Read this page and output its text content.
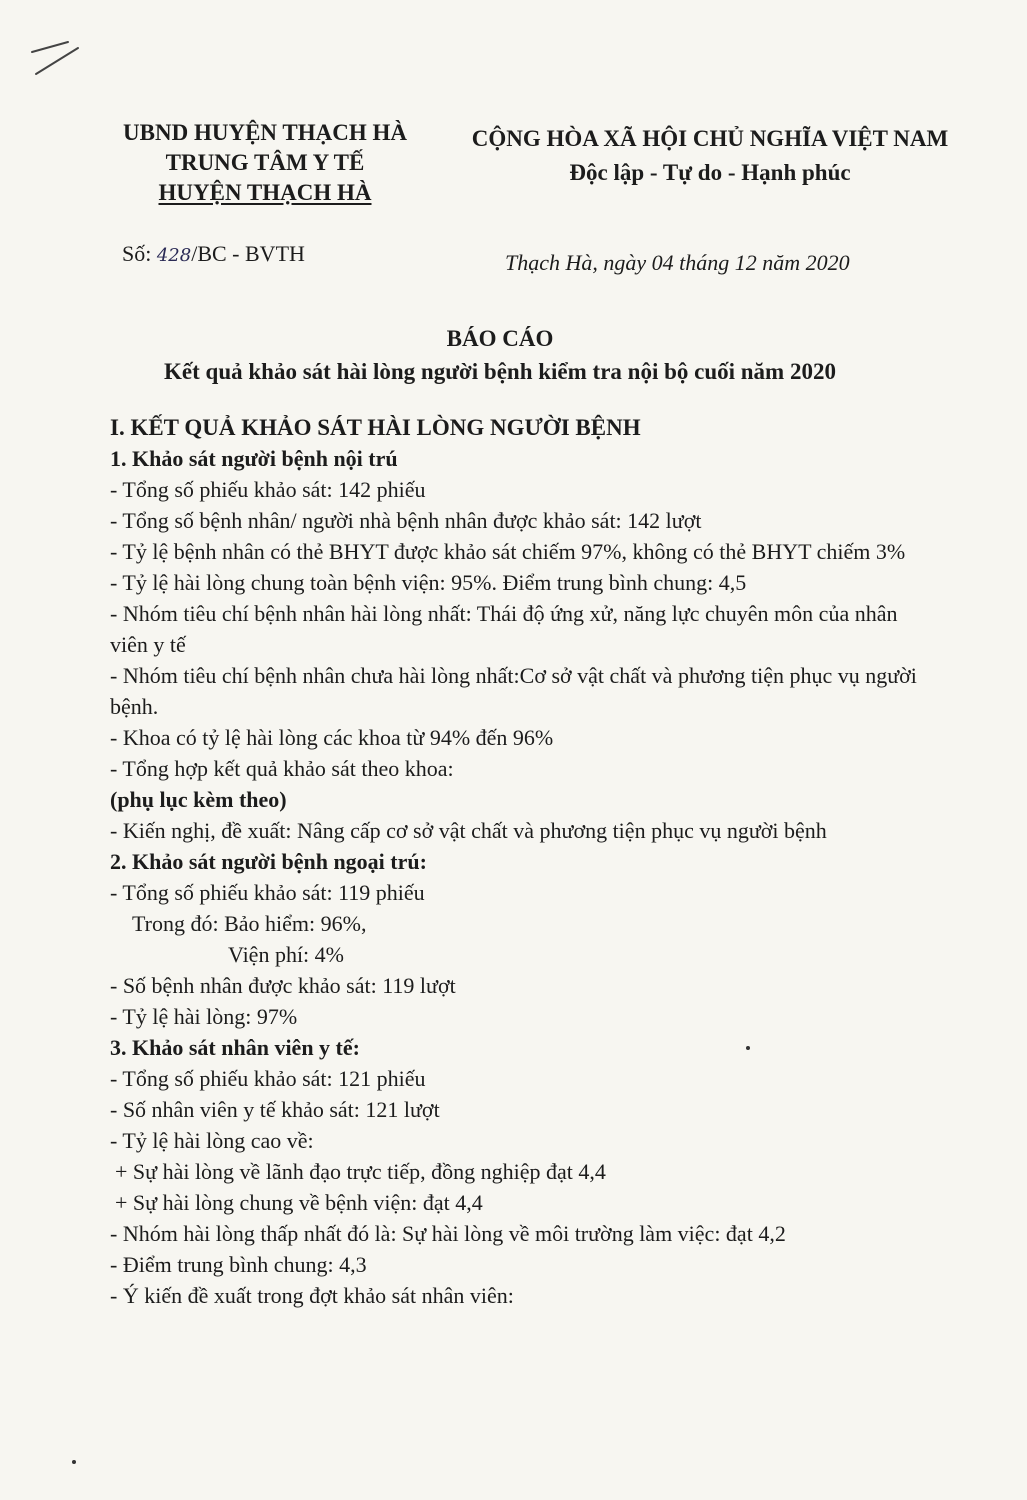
UBND HUYỆN THẠCH HÀ
TRUNG TÂM Y TẾ
HUYỆN THẠCH HÀ
CỘNG HÒA XÃ HỘI CHỦ NGHĨA VIỆT NAM
Độc lập - Tự do - Hạnh phúc
Số: 428/BC - BVTH	Thạch Hà, ngày 04 tháng 12 năm 2020
BÁO CÁO
Kết quả khảo sát hài lòng người bệnh kiểm tra nội bộ cuối năm 2020

I. KẾT QUẢ KHẢO SÁT HÀI LÒNG NGƯỜI BỆNH

1. Khảo sát người bệnh nội trú

- Tổng số phiếu khảo sát: 142 phiếu

- Tổng số bệnh nhân/ người nhà bệnh nhân được khảo sát: 142 lượt

- Tỷ lệ bệnh nhân có thẻ BHYT được khảo sát chiếm 97%, không có thẻ BHYT chiếm 3%

- Tỷ lệ hài lòng chung toàn bệnh viện: 95%. Điểm trung bình chung: 4,5

- Nhóm tiêu chí bệnh nhân hài lòng nhất: Thái độ ứng xử, năng lực chuyên môn của nhân viên y tế

- Nhóm tiêu chí bệnh nhân chưa hài lòng nhất:Cơ sở vật chất và phương tiện phục vụ người bệnh.

- Khoa có tỷ lệ hài lòng các khoa từ 94% đến 96%

- Tổng hợp kết quả khảo sát theo khoa:

(phụ lục kèm theo)

- Kiến nghị, đề xuất: Nâng cấp cơ sở vật chất và phương tiện phục vụ người bệnh

2. Khảo sát người bệnh ngoại trú:

- Tổng số phiếu khảo sát: 119 phiếu

Trong đó: Bảo hiểm: 96%,

Viện phí: 4%

- Số bệnh nhân được khảo sát: 119 lượt

- Tỷ lệ hài lòng: 97%

3. Khảo sát nhân viên y tế:

- Tổng số phiếu khảo sát: 121 phiếu

- Số nhân viên y tế khảo sát: 121 lượt

- Tỷ lệ hài lòng cao về:

+ Sự hài lòng về lãnh đạo trực tiếp, đồng nghiệp đạt 4,4

+ Sự hài lòng chung về bệnh viện: đạt 4,4

- Nhóm hài lòng thấp nhất đó là: Sự hài lòng về môi trường làm việc: đạt 4,2

- Điểm trung bình chung: 4,3

- Ý kiến đề xuất trong đợt khảo sát nhân viên:
